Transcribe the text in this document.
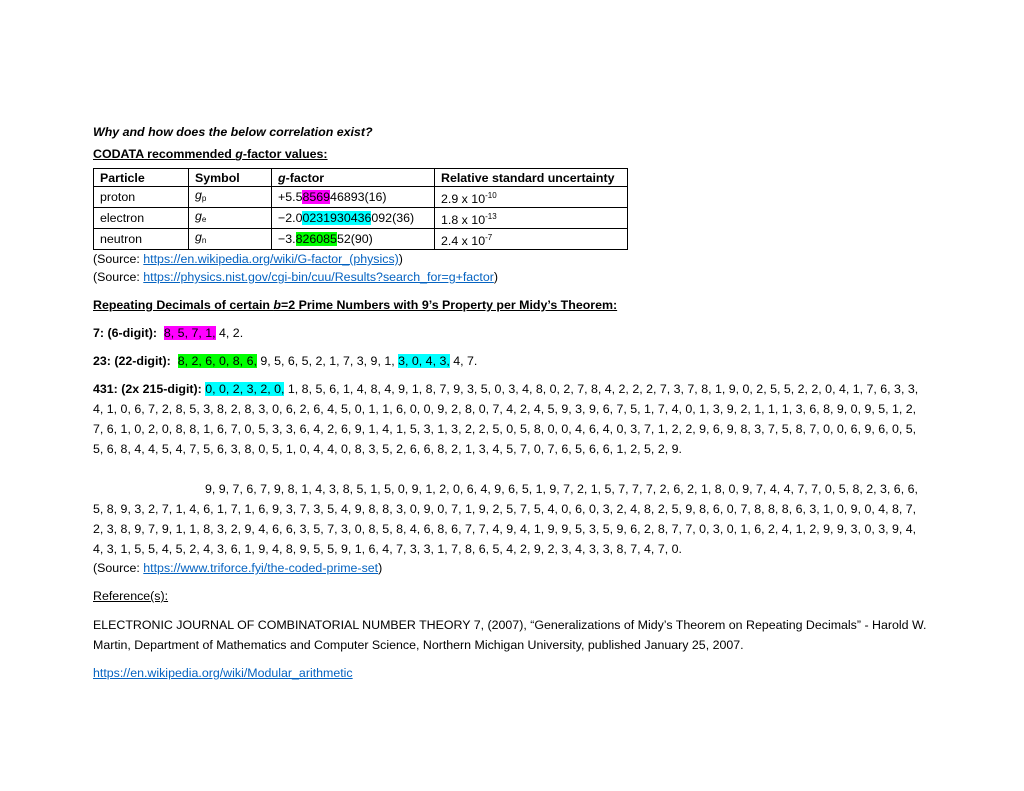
Why and how does the below correlation exist?

CODATA recommended g-factor values:

Particle	Symbol	g-factor	Relative standard uncertainty
proton	$g_p$	+5.5856946893(16)	2.9 x $10^{-10}$
electron	$g_e$	−2.00231930436092(36)	1.8 x $10^{-13}$
neutron	$g_n$	−3.82608552(90)	2.4 x $10^{-7}$

(Source: https://en.wikipedia.org/wiki/G-factor_(physics))

(Source: https://physics.nist.gov/cgi-bin/cuu/Results?search_for=g+factor)

Repeating Decimals of certain b=2 Prime Numbers with 9’s Property per Midy’s Theorem:

7: (6-digit): 8, 5, 7, 1, 4, 2.

23: (22-digit): 8, 2, 6, 0, 8, 6, 9, 5, 6, 5, 2, 1, 7, 3, 9, 1, 3, 0, 4, 3, 4, 7.

431: (2x 215-digit): 0, 0, 2, 3, 2, 0, 1, 8, 5, 6, 1, 4, 8, 4, 9, 1, 8, 7, 9, 3, 5, 0, 3, 4, 8, 0, 2, 7, 8, 4, 2, 2, 2, 7, 3, 7, 8, 1, 9, 0, 2, 5, 5, 2, 2, 0, 4, 1, 7, 6, 3, 3,

4, 1, 0, 6, 7, 2, 8, 5, 3, 8, 2, 8, 3, 0, 6, 2, 6, 4, 5, 0, 1, 1, 6, 0, 0, 9, 2, 8, 0, 7, 4, 2, 4, 5, 9, 3, 9, 6, 7, 5, 1, 7, 4, 0, 1, 3, 9, 2, 1, 1, 1, 3, 6, 8, 9, 0, 9, 5, 1, 2,

7, 6, 1, 0, 2, 0, 8, 8, 1, 6, 7, 0, 5, 3, 3, 6, 4, 2, 6, 9, 1, 4, 1, 5, 3, 1, 3, 2, 2, 5, 0, 5, 8, 0, 0, 4, 6, 4, 0, 3, 7, 1, 2, 2, 9, 6, 9, 8, 3, 7, 5, 8, 7, 0, 0, 6, 9, 6, 0, 5,

5, 6, 8, 4, 4, 5, 4, 7, 5, 6, 3, 8, 0, 5, 1, 0, 4, 4, 0, 8, 3, 5, 2, 6, 6, 8, 2, 1, 3, 4, 5, 7, 0, 7, 6, 5, 6, 6, 1, 2, 5, 2, 9.

9, 9, 7, 6, 7, 9, 8, 1, 4, 3, 8, 5, 1, 5, 0, 9, 1, 2, 0, 6, 4, 9, 6, 5, 1, 9, 7, 2, 1, 5, 7, 7, 7, 2, 6, 2, 1, 8, 0, 9, 7, 4, 4, 7, 7, 0, 5, 8, 2, 3, 6, 6,

5, 8, 9, 3, 2, 7, 1, 4, 6, 1, 7, 1, 6, 9, 3, 7, 3, 5, 4, 9, 8, 8, 3, 0, 9, 0, 7, 1, 9, 2, 5, 7, 5, 4, 0, 6, 0, 3, 2, 4, 8, 2, 5, 9, 8, 6, 0, 7, 8, 8, 8, 6, 3, 1, 0, 9, 0, 4, 8, 7,

2, 3, 8, 9, 7, 9, 1, 1, 8, 3, 2, 9, 4, 6, 6, 3, 5, 7, 3, 0, 8, 5, 8, 4, 6, 8, 6, 7, 7, 4, 9, 4, 1, 9, 9, 5, 3, 5, 9, 6, 2, 8, 7, 7, 0, 3, 0, 1, 6, 2, 4, 1, 2, 9, 9, 3, 0, 3, 9, 4,

4, 3, 1, 5, 5, 4, 5, 2, 4, 3, 6, 1, 9, 4, 8, 9, 5, 5, 9, 1, 6, 4, 7, 3, 3, 1, 7, 8, 6, 5, 4, 2, 9, 2, 3, 4, 3, 3, 8, 7, 4, 7, 0.

(Source: https://www.triforce.fyi/the-coded-prime-set)

Reference(s):

ELECTRONIC JOURNAL OF COMBINATORIAL NUMBER THEORY 7, (2007), “Generalizations of Midy’s Theorem on Repeating Decimals” - Harold W.
Martin, Department of Mathematics and Computer Science, Northern Michigan University, published January 25, 2007.

https://en.wikipedia.org/wiki/Modular_arithmetic
